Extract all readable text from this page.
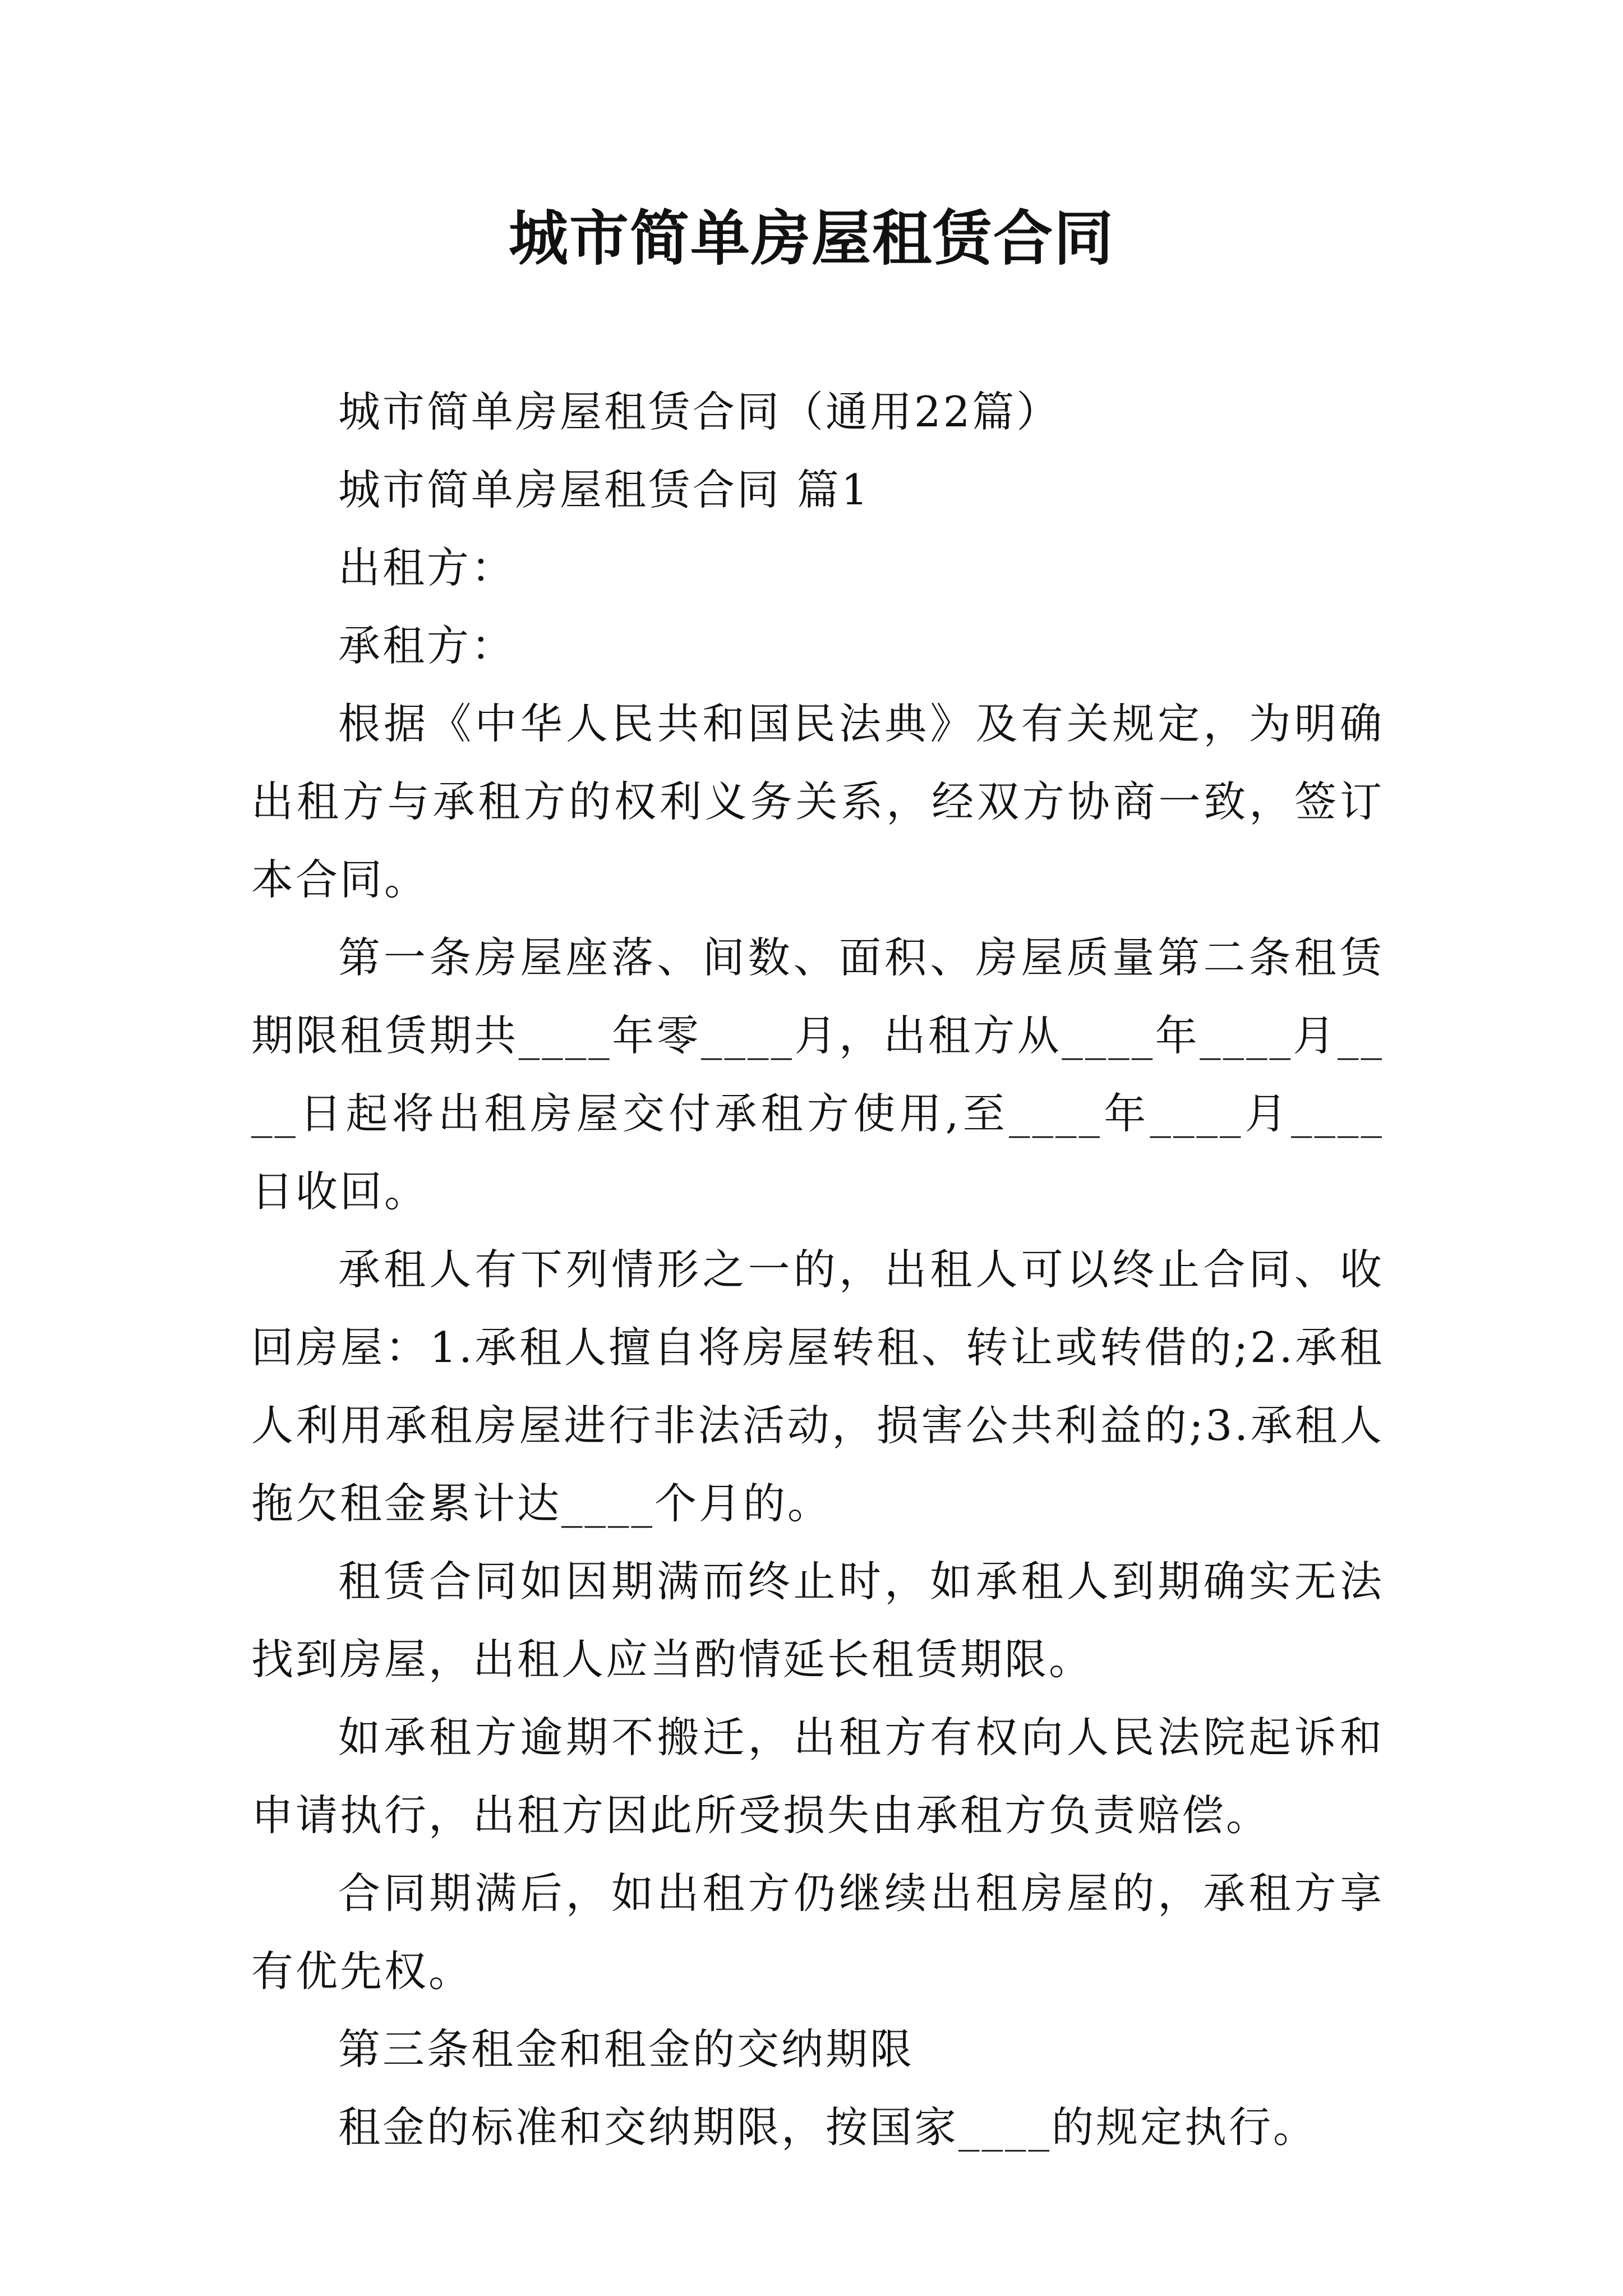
城市简单房屋租赁合同

城市简单房屋租赁合同（通用22篇）

城市简单房屋租赁合同 篇1

出租方：

承租方：

根据《中华人民共和国民法典》及有关规定，为明确出租方与承租方的权利义务关系，经双方协商一致，签订本合同。

第一条房屋座落、间数、面积、房屋质量第二条租赁期限租赁期共____年零____月，出租方从____年____月____日起将出租房屋交付承租方使用,至____年____月____日收回。

承租人有下列情形之一的，出租人可以终止合同、收回房屋：1.承租人擅自将房屋转租、转让或转借的;2.承租人利用承租房屋进行非法活动，损害公共利益的;3.承租人拖欠租金累计达____个月的。

租赁合同如因期满而终止时，如承租人到期确实无法找到房屋，出租人应当酌情延长租赁期限。

如承租方逾期不搬迁，出租方有权向人民法院起诉和申请执行，出租方因此所受损失由承租方负责赔偿。

合同期满后，如出租方仍继续出租房屋的，承租方享有优先权。

第三条租金和租金的交纳期限

租金的标准和交纳期限，按国家____的规定执行。
